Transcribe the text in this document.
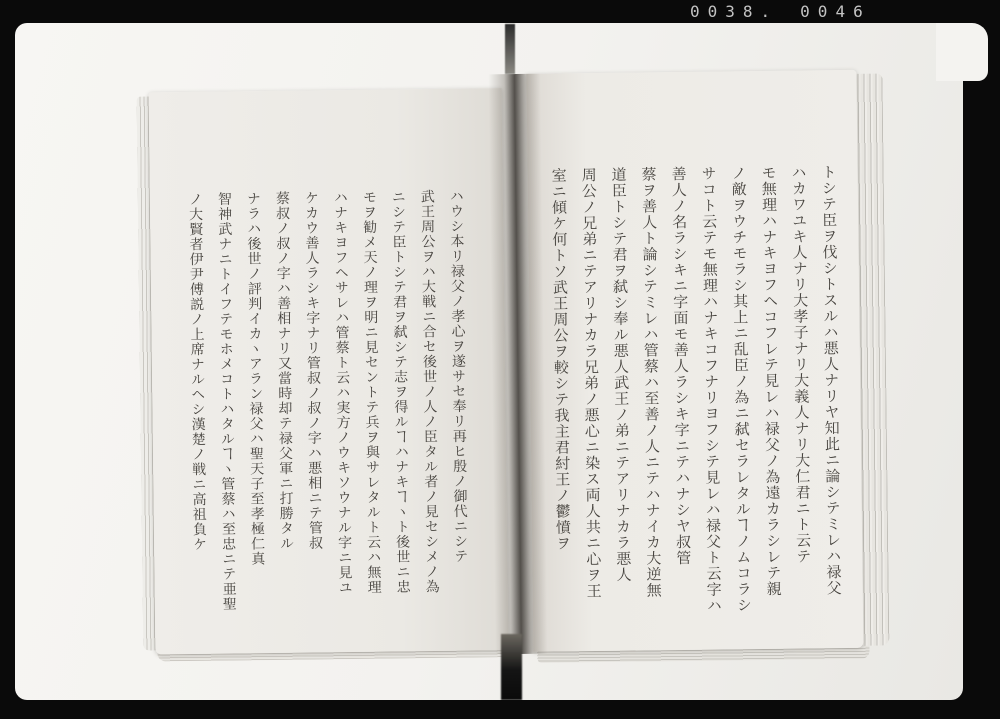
0038. 0046
ハウシ本リ禄父ノ孝心ヲ遂サセ奉リ再ヒ殷ノ御代ニシテ
武王周公ヲハ大戦ニ合セ後世ノ人ノ臣タル者ノ見セシメノ為
ニシテ臣トシテ君ヲ弑シテ志ヲ得ルヿハナキヿヽト後世ニ忠
モヲ勧メ天ノ理ヲ明ニ見セントテ兵ヲ與サレタルト云ハ無理
ハナキヨフヘサレハ管蔡ト云ハ実方ノウキソウナル字ニ見ユ
ケカウ善人ラシキ字ナリ管叔ノ叔ノ字ハ悪相ニテ管叔
蔡叔ノ叔ノ字ハ善相ナリ又當時却テ禄父軍ニ打勝タル
ナラハ後世ノ評判イカヽアラン禄父ハ聖天子至孝極仁真
智神武ナニトイフテモホメコトハタルヿヽ管蔡ハ至忠ニテ亜聖
ノ大賢者伊尹傅説ノ上席ナルヘシ漢楚ノ戦ニ高祖負ケ	トシテ臣ヲ伐シトスルハ悪人ナリヤ知此ニ論シテミレハ禄父
ハカワユキ人ナリ大孝子ナリ大義人ナリ大仁君ニト云テ
モ無理ハナキヨフヘコフレテ見レハ禄父ノ為遠カラシレテ親
ノ敵ヲウチモラシ其上ニ乱臣ノ為ニ弑セラレタルヿノムコラシ
サコト云テモ無理ハナキコフナリヨフシテ見レハ禄父ト云字ハ
善人ノ名ラシキニ字面モ善人ラシキ字ニテハナシヤ叔管
蔡ヲ善人ト論シテミレハ管蔡ハ至善ノ人ニテハナイカ大逆無
道臣トシテ君ヲ弑シ奉ル悪人武王ノ弟ニテアリナカラ悪人
周公ノ兄弟ニテアリナカラ兄弟ノ悪心ニ染ス両人共ニ心ヲ王
室ニ傾ケ何トソ武王周公ヲ較シテ我主君紂王ノ鬱憤ヲ
